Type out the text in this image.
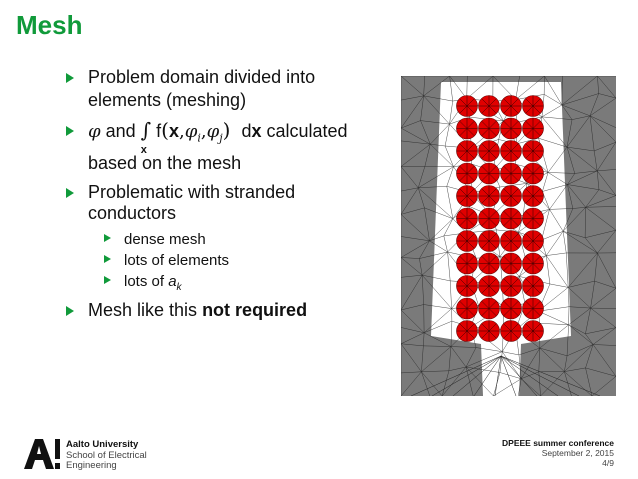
Mesh
Problem domain divided into
elements (meshing)
φ and ∫
x
$f(x,\varphi_i,\varphi_j)$ dx calculated
based on the mesh
Problematic with stranded
conductors
dense mesh
lots of elements
lots of $a_k$
Mesh like this not required
Aalto University
School of Electrical
Engineering
DPEEE summer conference
September 2, 2015
4/9
